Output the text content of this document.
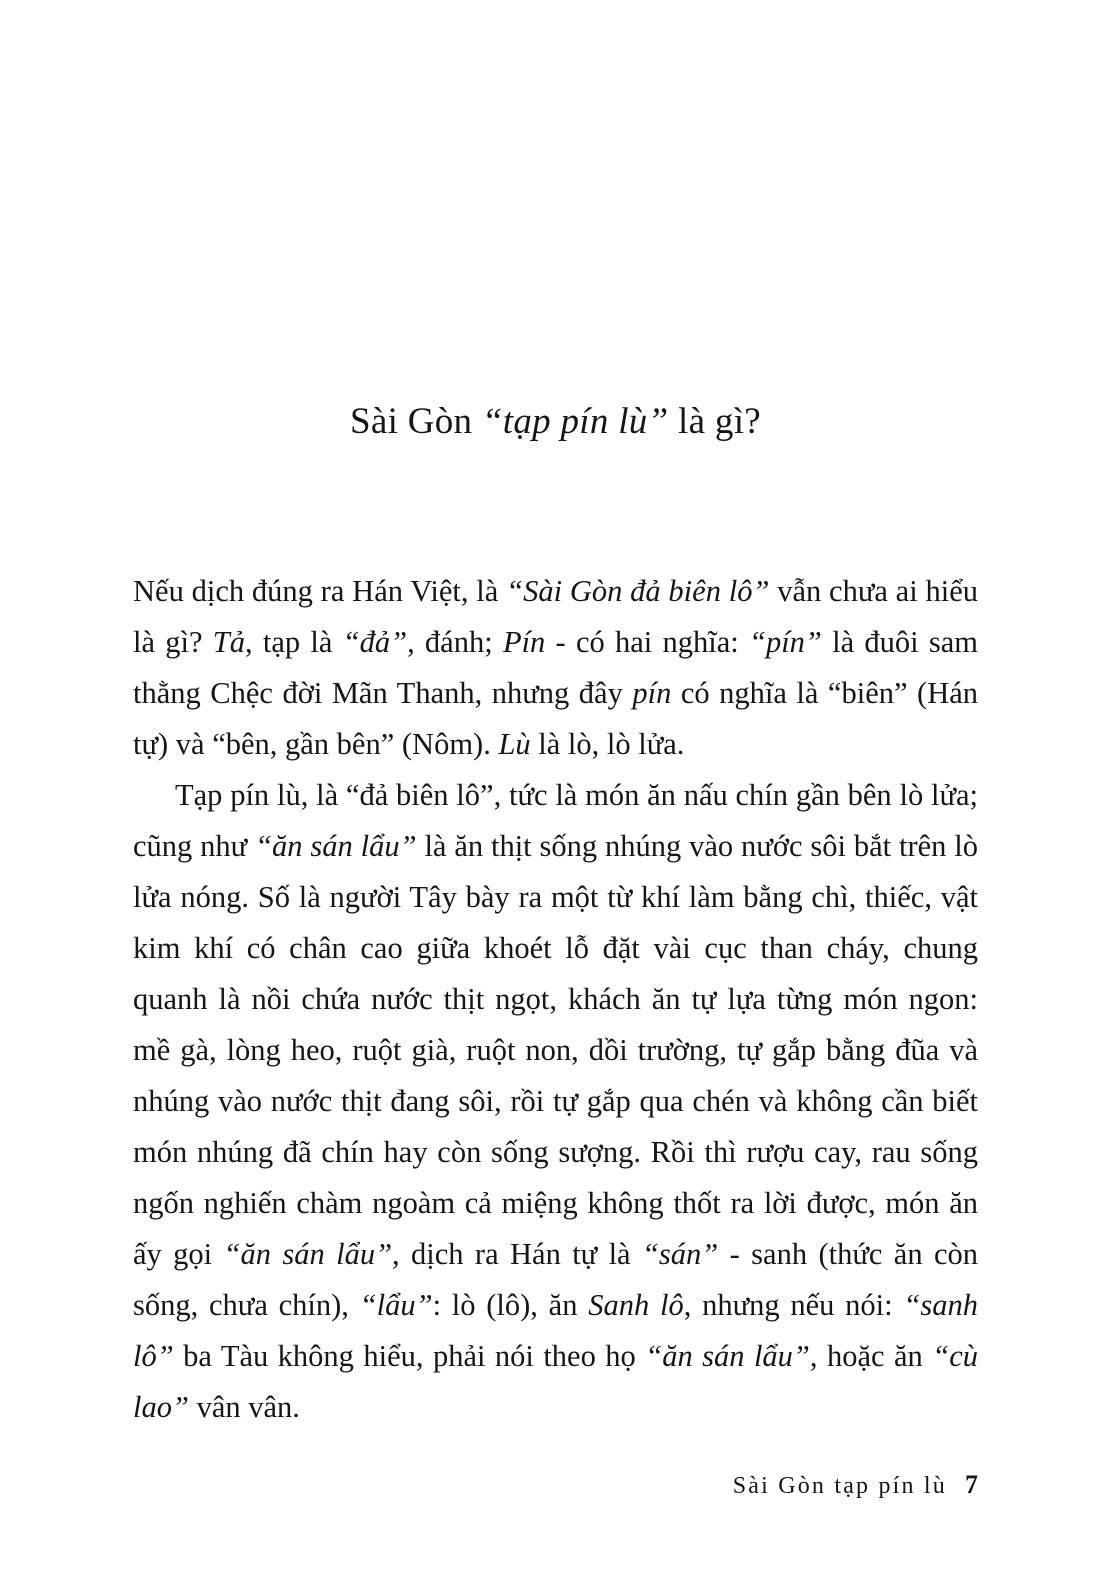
Sài Gòn “tạp pín lù” là gì?

Nếu dịch đúng ra Hán Việt, là “Sài Gòn đả biên lô” vẫn chưa ai hiểu là gì? Tả, tạp là “đả”, đánh; Pín - có hai nghĩa: “pín” là đuôi sam thằng Chệc đời Mãn Thanh, nhưng đây pín có nghĩa là “biên” (Hán tự) và “bên, gần bên” (Nôm). Lù là lò, lò lửa.

Tạp pín lù, là “đả biên lô”, tức là món ăn nấu chín gần bên lò lửa; cũng như “ăn sán lẩu” là ăn thịt sống nhúng vào nước sôi bắt trên lò lửa nóng. Số là người Tây bày ra một từ khí làm bằng chì, thiếc, vật kim khí có chân cao giữa khoét lỗ đặt vài cục than cháy, chung quanh là nồi chứa nước thịt ngọt, khách ăn tự lựa từng món ngon: mề gà, lòng heo, ruột già, ruột non, dồi trường, tự gắp bằng đũa và nhúng vào nước thịt đang sôi, rồi tự gắp qua chén và không cần biết món nhúng đã chín hay còn sống sượng. Rồi thì rượu cay, rau sống ngốn nghiến chàm ngoàm cả miệng không thốt ra lời được, món ăn ấy gọi “ăn sán lẩu”, dịch ra Hán tự là “sán” - sanh (thức ăn còn sống, chưa chín), “lẩu”: lò (lô), ăn Sanh lô, nhưng nếu nói: “sanh lô” ba Tàu không hiểu, phải nói theo họ “ăn sán lẩu”, hoặc ăn “cù lao” vân vân.

Sài Gòn tạp pín lù 7
